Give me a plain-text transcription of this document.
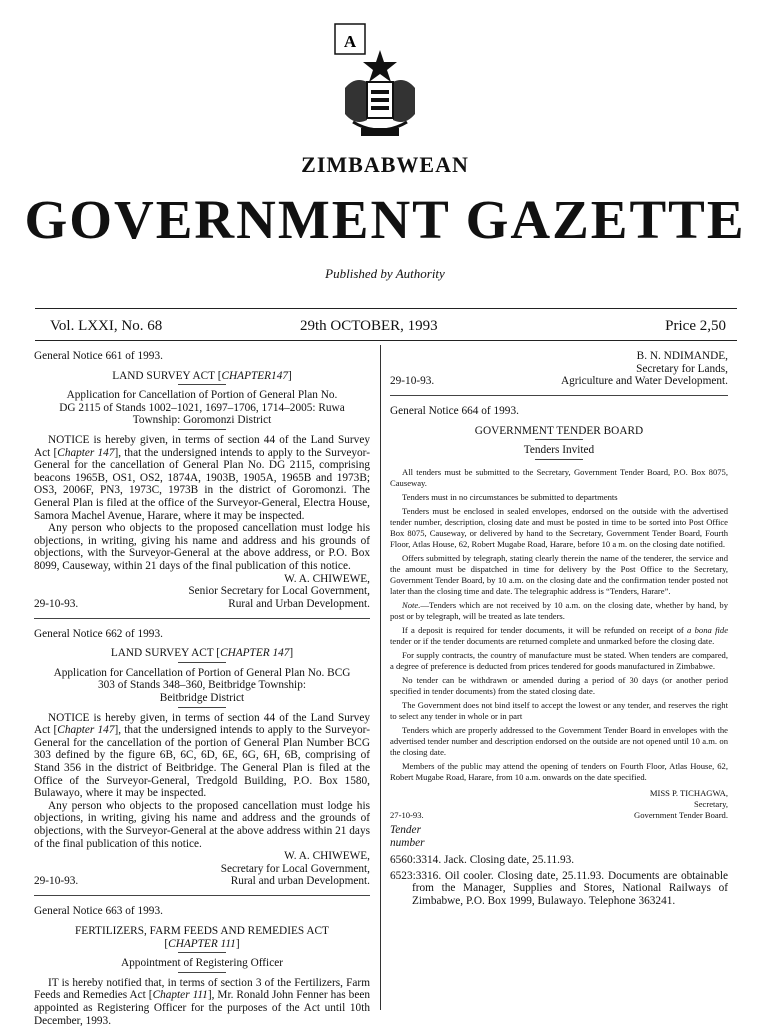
A
ZIMBABWEAN
GOVERNMENT GAZETTE
Published by Authority
Vol. LXXI, No. 68	29th OCTOBER, 1993	Price 2,50

General Notice 661 of 1993.

LAND SURVEY ACT [CHAPTER147]

Application for Cancellation of Portion of General Plan No.
DG 2115 of Stands 1002–1021, 1697–1706, 1714–2005: Ruwa
Township: Goromonzi District

NOTICE is hereby given, in terms of section 44 of the Land Survey Act [Chapter 147], that the undersigned intends to apply to the Surveyor-General for the cancellation of General Plan No. DG 2115, comprising beacons 1965B, OS1, OS2, 1874A, 1903B, 1905A, 1965B and 1973B; OS3, 2006F, PN3, 1973C, 1973B in the district of Goromonzi. The General Plan is filed at the office of the Surveyor-General, Electra House, Samora Machel Avenue, Harare, where it may be inspected.

Any person who objects to the proposed cancellation must lodge his objections, in writing, giving his name and address and his grounds of objections, with the Surveyor-General at the above address, or P.O. Box 8099, Causeway, within 21 days of the final publication of this notice.

W. A. CHIWEWE,

Senior Secretary for Local Government,

29-10-93.	Rural and Urban Development.

General Notice 662 of 1993.

LAND SURVEY ACT [CHAPTER 147]

Application for Cancellation of Portion of General Plan No. BCG
303 of Stands 348–360, Beitbridge Township:
Beitbridge District

NOTICE is hereby given, in terms of section 44 of the Land Survey Act [Chapter 147], that the undersigned intends to apply to the Surveyor-General for the cancellation of the portion of General Plan Number BCG 303 defined by the figure 6B, 6C, 6D, 6E, 6G, 6H, 6B, comprising of Stand 356 in the district of Beitbridge. The General Plan is filed at the Office of the Surveyor-General, Tredgold Building, P.O. Box 1580, Bulawayo, where it may be inspected.

Any person who objects to the proposed cancellation must lodge his objections, in writing, giving his name and address and the grounds of objections, with the Surveyor-General at the above address within 21 days of the final publication of this notice.

W. A. CHIWEWE,

Secretary for Local Government,

29-10-93.	Rural and urban Development.

General Notice 663 of 1993.

FERTILIZERS, FARM FEEDS AND REMEDIES ACT

[CHAPTER 111]

Appointment of Registering Officer

IT is hereby notified that, in terms of section 3 of the Fertilizers, Farm Feeds and Remedies Act [Chapter 111], Mr. Ronald John Fenner has been appointed as Registering Officer for the purposes of the Act until 10th December, 1993.

B. N. NDIMANDE,

Secretary for Lands,

29-10-93.	Agriculture and Water Development.

General Notice 664 of 1993.

GOVERNMENT TENDER BOARD

Tenders Invited

All tenders must be submitted to the Secretary, Government Tender Board, P.O. Box 8075, Causeway.

Tenders must in no circumstances be submitted to departments

Tenders must be enclosed in sealed envelopes, endorsed on the outside with the advertised tender number, description, closing date and must be posted in time to be sorted into Post Office Box 8075, Causeway, or delivered by hand to the Secretary, Government Tender Board, Fourth Floor, Atlas House, 62, Robert Mugabe Road, Harare, before 10 a m. on the closing date notified.

Offers submitted by telegraph, stating clearly therein the name of the tenderer, the service and the amount must be dispatched in time for delivery by the Post Office to the Secretary, Government Tender Board, by 10 a.m. on the closing date and the confirmation tender posted not later than the closing time and date. The telegraphic address is “Tenders, Harare”.

Note.—Tenders which are not received by 10 a.m. on the closing date, whether by hand, by post or by telegraph, will be treated as late tenders.

If a deposit is required for tender documents, it will be refunded on receipt of a bona fide tender or if the tender documents are returned complete and unmarked before the closing date.

For supply contracts, the country of manufacture must be stated. When tenders are compared, a degree of preference is deducted from prices tendered for goods manufactured in Zimbabwe.

No tender can be withdrawn or amended during a period of 30 days (or another period specified in tender documents) from the stated closing date.

The Government does not bind itself to accept the lowest or any tender, and reserves the right to select any tender in whole or in part

Tenders which are properly addressed to the Government Tender Board in envelopes with the advertised tender number and description endorsed on the outside are not opened until 10 a.m. on the closing date.

Members of the public may attend the opening of tenders on Fourth Floor, Atlas House, 62, Robert Mugabe Road, Harare, from 10 a.m. onwards on the date specified.

MISS P. TICHAGWA,

Secretary,

27-10-93.	Government Tender Board.

Tender
number

6560:3314. Jack. Closing date, 25.11.93.

6523:3316. Oil cooler. Closing date, 25.11.93. Documents are obtainable from the Manager, Supplies and Stores, National Railways of Zimbabwe, P.O. Box 1999, Bulawayo. Telephone 363241.
